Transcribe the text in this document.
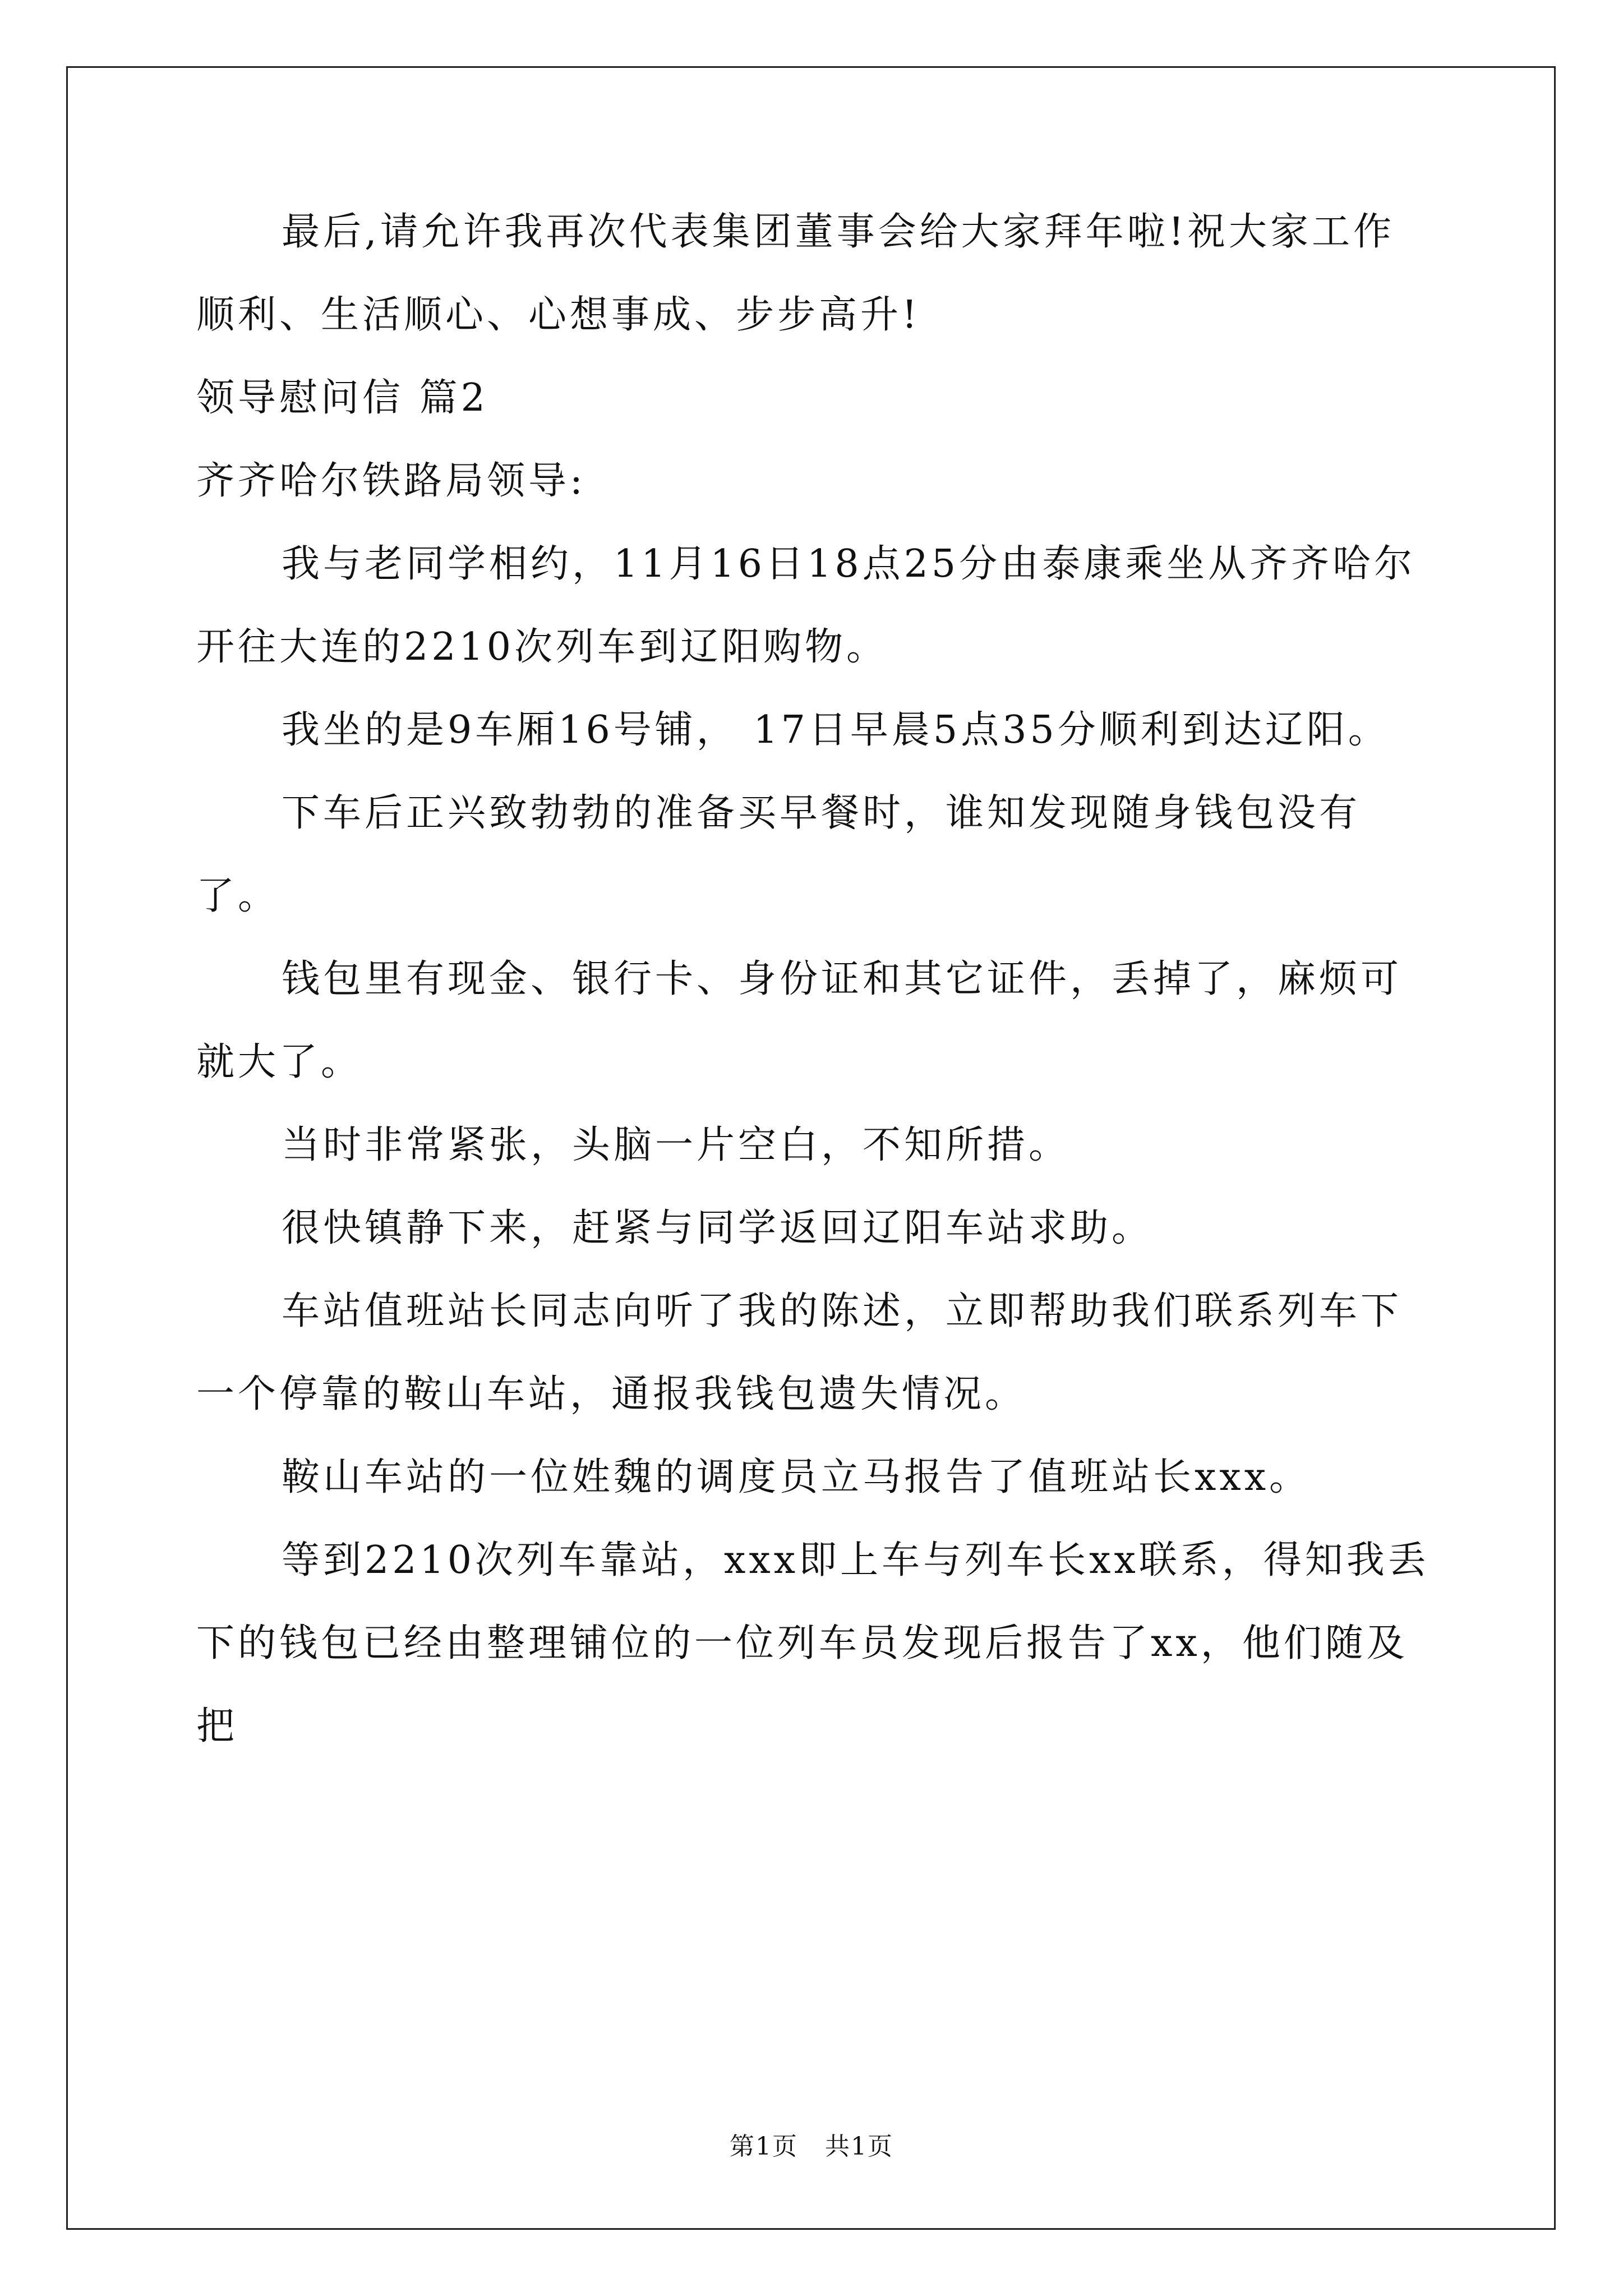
最后,请允许我再次代表集团董事会给大家拜年啦!祝大家工作顺利、生活顺心、心想事成、步步高升!

领导慰问信 篇2

齐齐哈尔铁路局领导:

我与老同学相约，11月16日18点25分由泰康乘坐从齐齐哈尔开往大连的2210次列车到辽阳购物。

我坐的是9车厢16号铺， 17日早晨5点35分顺利到达辽阳。

下车后正兴致勃勃的准备买早餐时，谁知发现随身钱包没有了。

钱包里有现金、银行卡、身份证和其它证件，丢掉了，麻烦可就大了。

当时非常紧张，头脑一片空白，不知所措。

很快镇静下来，赶紧与同学返回辽阳车站求助。

车站值班站长同志向听了我的陈述，立即帮助我们联系列车下一个停靠的鞍山车站，通报我钱包遗失情况。

鞍山车站的一位姓魏的调度员立马报告了值班站长xxx。

等到2210次列车靠站，xxx即上车与列车长xx联系，得知我丢下的钱包已经由整理铺位的一位列车员发现后报告了xx，他们随及把

第1页 共1页
